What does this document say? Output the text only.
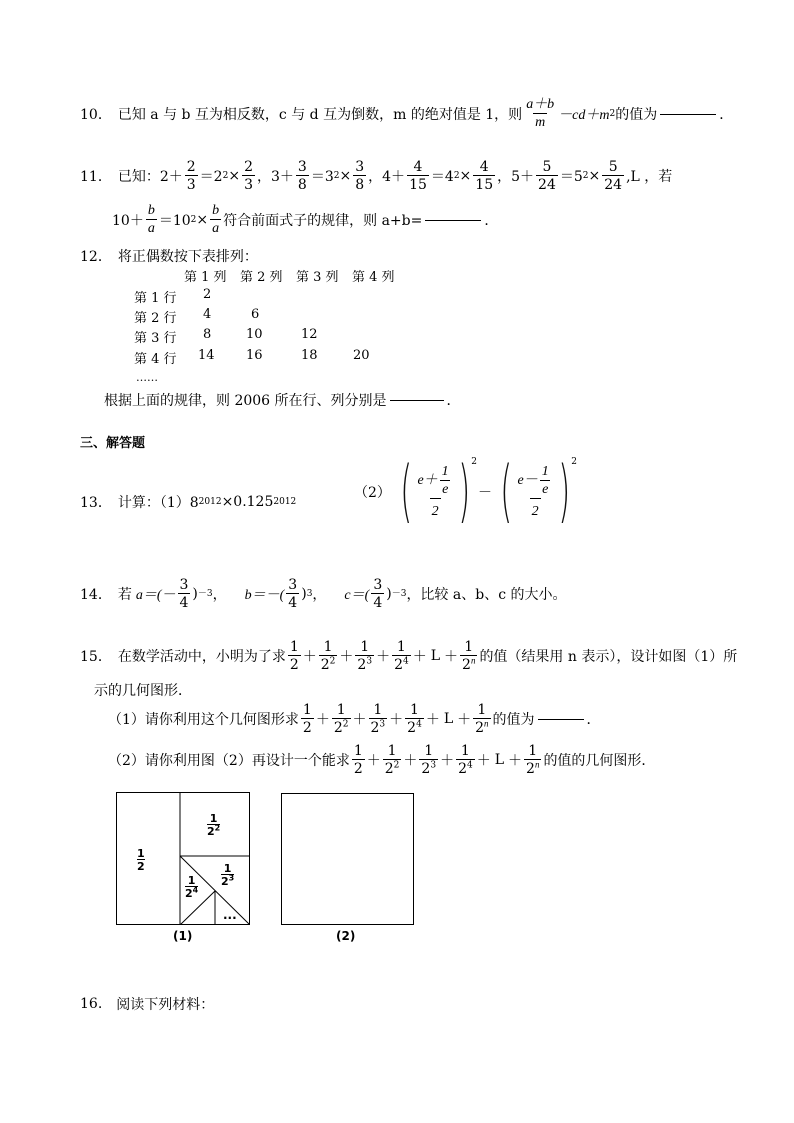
10． 已知 a 与 b 互为相反数，c 与 d 互为倒数，m 的绝对值是 1，则 $\frac{a+b}{m} -cd+m$ 2 的值为	．
11． 已知： $2+ \frac{2}{3} =2$ $2 \times \frac{2}{3}$ ， $3+ \frac{3}{8} =3$ $2 \times \frac{3}{8}$ ， $4+ \frac{4}{15} =4$ $2 \times \frac{4}{15}$ ， $5+ \frac{5}{24} =5$ $2 \times \frac{5}{24} ,L$ ，若
$10+ \frac{b}{a} =10$ $2 \times \frac{b}{a}$ 符合前面式子的规律，则 a+b=	．
12． 将正偶数按下表排列：
第 1 列 第 2 列 第 3 列 第 4 列
第 1 行 2
第 2 行 4	6
第 3 行 8	10	12
第 4 行 14 16	18	20
……
根据上面的规律，则 2006 所在行、列分别是	．
三、解答题
13． 计算：（1）8 2012 ×0.125 2012
（2） ( $\frac{e + \frac{1}{e}}{2}$ ) 2
－ ( $\frac{e - \frac{1}{e}}{2}$ ) 2
14． 若 $a=(- \frac{3}{4}$ ) －3 ， $b=-( \frac{3}{4}$ ) 3 ， $c=( \frac{3}{4}$ ) －3 ，比较 a、b、c 的大小。
15． 在数学活动中，小明为了求 $\frac{1}{2} + \frac{1}{2^2} + \frac{1}{2^3} + \frac{1}{2^4} + L + \frac{1}{2^n}$ 的值（结果用 n 表示），设计如图（1）所
示的几何图形．
（1）请你利用这个几何图形求 $\frac{1}{2} + \frac{1}{2^2} + \frac{1}{2^3} + \frac{1}{2^4} + L + \frac{1}{2^n}$ 的值为	．
（2）请你利用图（2）再设计一个能求 $\frac{1}{2} + \frac{1}{2^2} + \frac{1}{2^3} + \frac{1}{2^4} + L + \frac{1}{2^n}$ 的值的几何图形．
$\frac{1}{2}$
$\frac{1}{2^2}$
$\frac{1}{2^3}$
$\frac{1}{2^4}$
...
(1)	(2)
16. 阅读下列材料：
